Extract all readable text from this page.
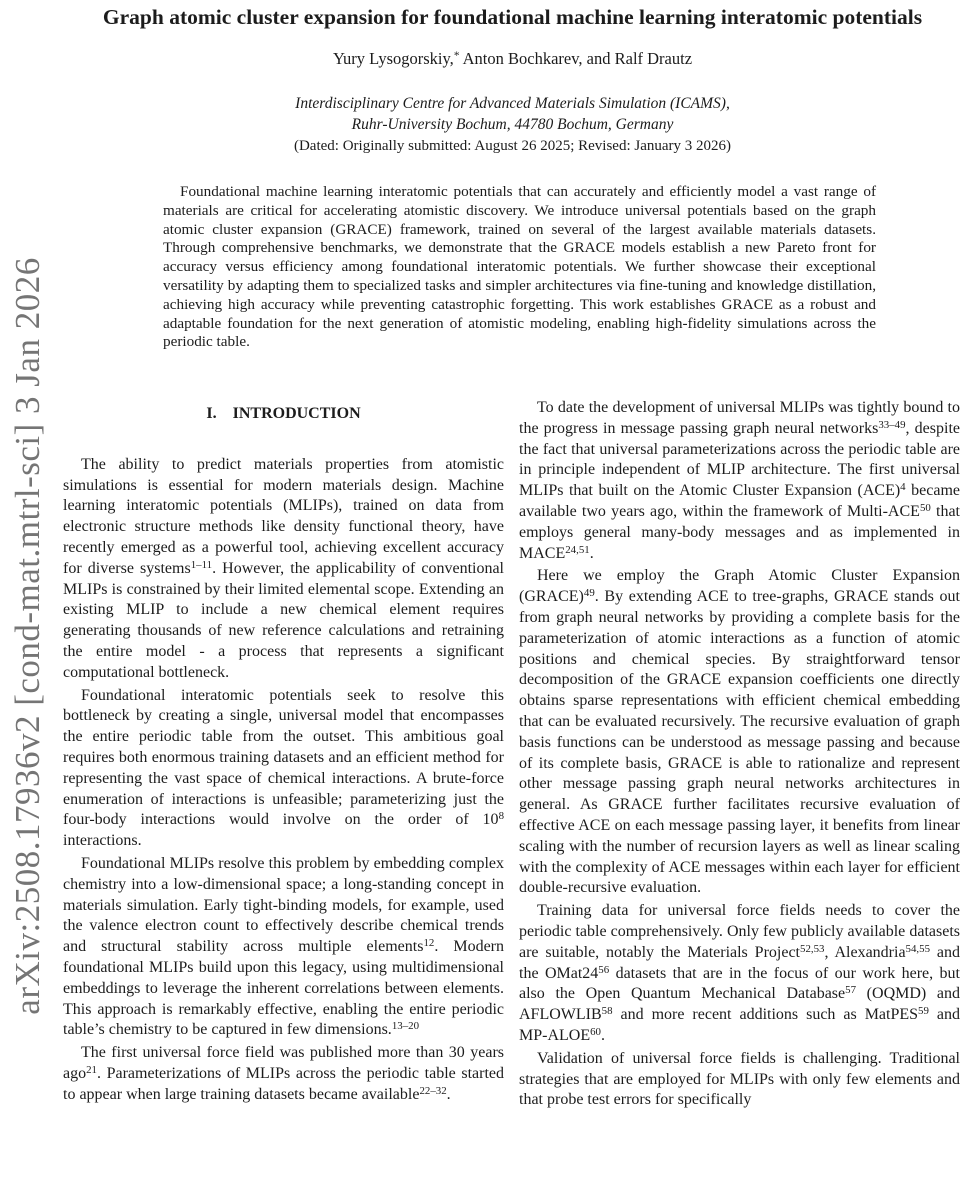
arXiv:2508.17936v2 [cond-mat.mtrl-sci] 3 Jan 2026
Graph atomic cluster expansion for foundational machine learning interatomic potentials
Yury Lysogorskiy,* Anton Bochkarev, and Ralf Drautz
Interdisciplinary Centre for Advanced Materials Simulation (ICAMS),
Ruhr-University Bochum, 44780 Bochum, Germany
(Dated: Originally submitted: August 26 2025; Revised: January 3 2026)
Foundational machine learning interatomic potentials that can accurately and efficiently model a vast range of materials are critical for accelerating atomistic discovery. We introduce universal potentials based on the graph atomic cluster expansion (GRACE) framework, trained on several of the largest available materials datasets. Through comprehensive benchmarks, we demonstrate that the GRACE models establish a new Pareto front for accuracy versus efficiency among foundational interatomic potentials. We further showcase their exceptional versatility by adapting them to specialized tasks and simpler architectures via fine-tuning and knowledge distillation, achieving high accuracy while preventing catastrophic forgetting. This work establishes GRACE as a robust and adaptable foundation for the next generation of atomistic modeling, enabling high-fidelity simulations across the periodic table.
I. INTRODUCTION

The ability to predict materials properties from atomistic simulations is essential for modern materials design. Machine learning interatomic potentials (MLIPs), trained on data from electronic structure methods like density functional theory, have recently emerged as a powerful tool, achieving excellent accuracy for diverse systems$^{1-11}$. However, the applicability of conventional MLIPs is constrained by their limited elemental scope. Extending an existing MLIP to include a new chemical element requires generating thousands of new reference calculations and retraining the entire model - a process that represents a significant computational bottleneck.

Foundational interatomic potentials seek to resolve this bottleneck by creating a single, universal model that encompasses the entire periodic table from the outset. This ambitious goal requires both enormous training datasets and an efficient method for representing the vast space of chemical interactions. A brute-force enumeration of interactions is unfeasible; parameterizing just the four-body interactions would involve on the order of $10^8$ interactions.

Foundational MLIPs resolve this problem by embedding complex chemistry into a low-dimensional space; a long-standing concept in materials simulation. Early tight-binding models, for example, used the valence electron count to effectively describe chemical trends and structural stability across multiple elements$^{12}$. Modern foundational MLIPs build upon this legacy, using multidimensional embeddings to leverage the inherent correlations between elements. This approach is remarkably effective, enabling the entire periodic table’s chemistry to be captured in few dimensions.$^{13-20}$

The first universal force field was published more than 30 years ago$^{21}$. Parameterizations of MLIPs across the periodic table started to appear when large training datasets became available$^{22-32}$.

To date the development of universal MLIPs was tightly bound to the progress in message passing graph neural networks$^{33-49}$, despite the fact that universal parameterizations across the periodic table are in principle independent of MLIP architecture. The first universal MLIPs that built on the Atomic Cluster Expansion (ACE)$^4$ became available two years ago, within the framework of Multi-ACE$^{50}$ that employs general many-body messages and as implemented in MACE$^{24,51}$.

Here we employ the Graph Atomic Cluster Expansion (GRACE)$^{49}$. By extending ACE to tree-graphs, GRACE stands out from graph neural networks by providing a complete basis for the parameterization of atomic interactions as a function of atomic positions and chemical species. By straightforward tensor decomposition of the GRACE expansion coefficients one directly obtains sparse representations with efficient chemical embedding that can be evaluated recursively. The recursive evaluation of graph basis functions can be understood as message passing and because of its complete basis, GRACE is able to rationalize and represent other message passing graph neural networks architectures in general. As GRACE further facilitates recursive evaluation of effective ACE on each message passing layer, it benefits from linear scaling with the number of recursion layers as well as linear scaling with the complexity of ACE messages within each layer for efficient double-recursive evaluation.

Training data for universal force fields needs to cover the periodic table comprehensively. Only few publicly available datasets are suitable, notably the Materials Project$^{52,53}$, Alexandria$^{54,55}$ and the $OMat24^{56}$ datasets that are in the focus of our work here, but also the Open Quantum Mechanical Database$^{57}$ (OQMD) and AFLOWLIB$^{58}$ and more recent additions such as MatPES$^{59}$ and MP-ALOE$^{60}$.

Validation of universal force fields is challenging. Traditional strategies that are employed for MLIPs with only few elements and that probe test errors for specifically
